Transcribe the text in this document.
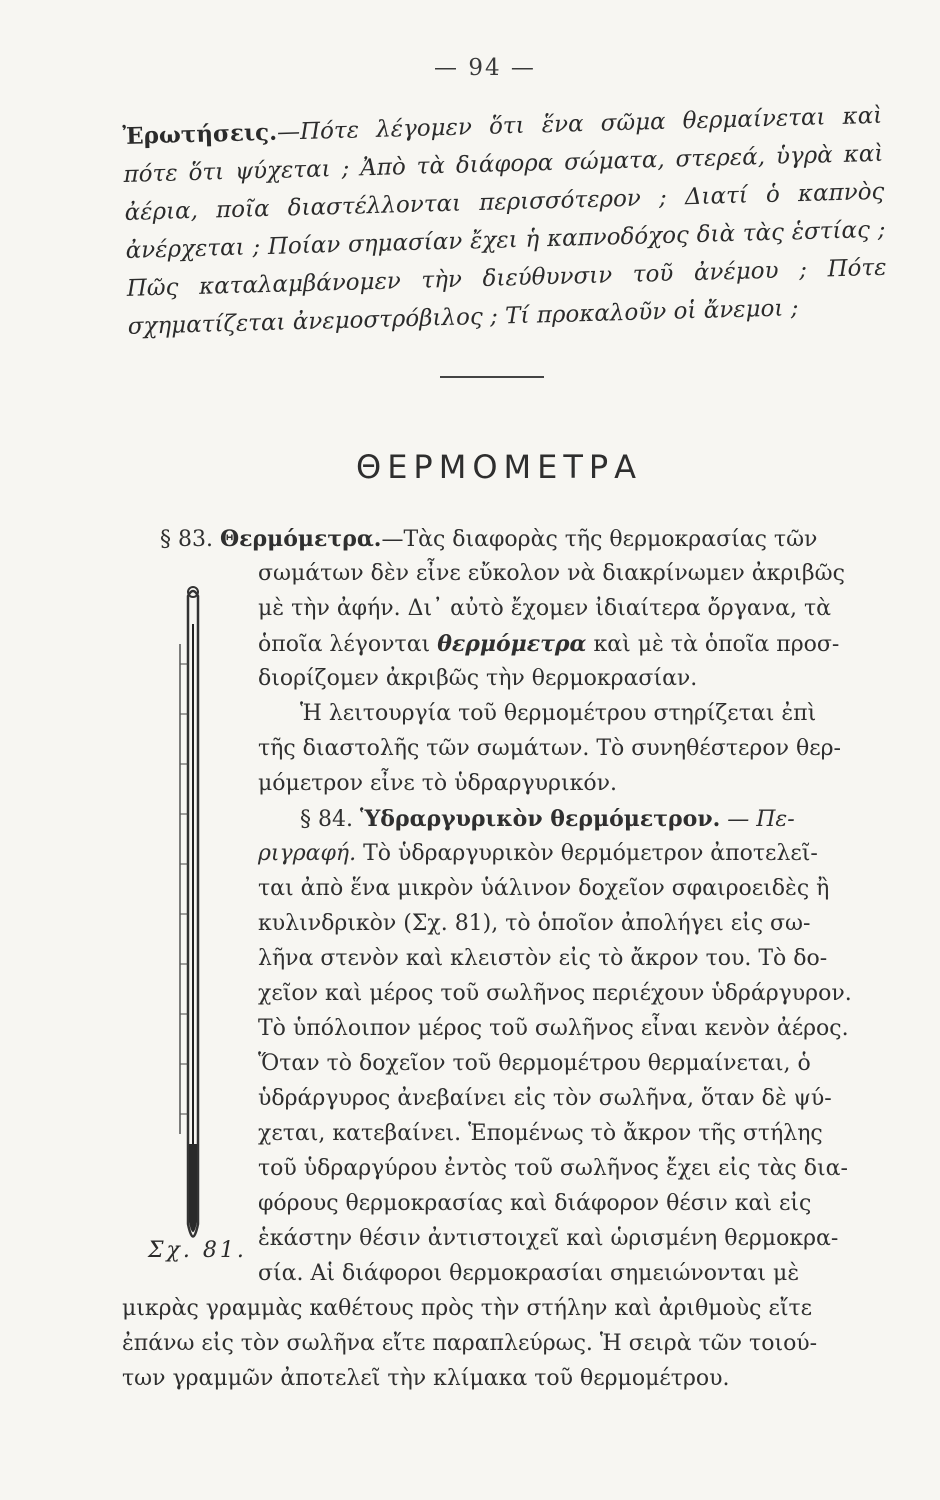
— 94 —
Ἐρωτήσεις.—Πότε λέγομεν ὅτι ἕνα σῶμα θερμαίνεται καὶ πότε ὅτι ψύχεται ; Ἀπὸ τὰ διάφορα σώματα, στερεά, ὑγρὰ καὶ ἀέρια, ποῖα διαστέλλονται περισσότερον ; Διατί ὁ καπνὸς ἀνέρχεται ; Ποίαν σημασίαν ἔχει ἡ καπνοδόχος διὰ τὰς ἑστίας ; Πῶς καταλαμβάνομεν τὴν διεύθυνσιν τοῦ ἀνέμου ; Πότε σχηματίζεται ἀνεμοστρόβιλος ; Τί προκαλοῦν οἱ ἄνεμοι ;
ΘΕΡΜΟΜΕΤΡΑ
Σχ. 81.
§ 83. Θερμόμετρα.—Τὰς διαφορὰς τῆς θερμοκρασίας τῶν
σωμάτων δὲν εἶνε εὔκολον νὰ διακρίνωμεν ἀκριβῶς
μὲ τὴν ἀφήν. Δι᾽ αὐτὸ ἔχομεν ἰδιαίτερα ὄργανα, τὰ
ὁποῖα λέγονται θερμόμετρα καὶ μὲ τὰ ὁποῖα προσ-
διορίζομεν ἀκριβῶς τὴν θερμοκρασίαν.
Ἡ λειτουργία τοῦ θερμομέτρου στηρίζεται ἐπὶ
τῆς διαστολῆς τῶν σωμάτων. Τὸ συνηθέστερον θερ-
μόμετρον εἶνε τὸ ὑδραργυρικόν.
§ 84. Ὑδραργυρικὸν θερμόμετρον. — Πε-
ριγραφή. Τὸ ὑδραργυρικὸν θερμόμετρον ἀποτελεῖ-
ται ἀπὸ ἕνα μικρὸν ὑάλινον δοχεῖον σφαιροειδὲς ἢ
κυλινδρικὸν (Σχ. 81), τὸ ὁποῖον ἀπολήγει εἰς σω-
λῆνα στενὸν καὶ κλειστὸν εἰς τὸ ἄκρον του. Τὸ δο-
χεῖον καὶ μέρος τοῦ σωλῆνος περιέχουν ὑδράργυρον.
Τὸ ὑπόλοιπον μέρος τοῦ σωλῆνος εἶναι κενὸν ἀέρος.
Ὅταν τὸ δοχεῖον τοῦ θερμομέτρου θερμαίνεται, ὁ
ὑδράργυρος ἀνεβαίνει εἰς τὸν σωλῆνα, ὅταν δὲ ψύ-
χεται, κατεβαίνει. Ἑπομένως τὸ ἄκρον τῆς στήλης
τοῦ ὑδραργύρου ἐντὸς τοῦ σωλῆνος ἔχει εἰς τὰς δια-
φόρους θερμοκρασίας καὶ διάφορον θέσιν καὶ εἰς
ἑκάστην θέσιν ἀντιστοιχεῖ καὶ ὡρισμένη θερμοκρα-
σία. Αἱ διάφοροι θερμοκρασίαι σημειώνονται μὲ
μικρὰς γραμμὰς καθέτους πρὸς τὴν στήλην καὶ ἀριθμοὺς εἴτε
ἐπάνω εἰς τὸν σωλῆνα εἴτε παραπλεύρως. Ἡ σειρὰ τῶν τοιού-
των γραμμῶν ἀποτελεῖ τὴν κλίμακα τοῦ θερμομέτρου.
